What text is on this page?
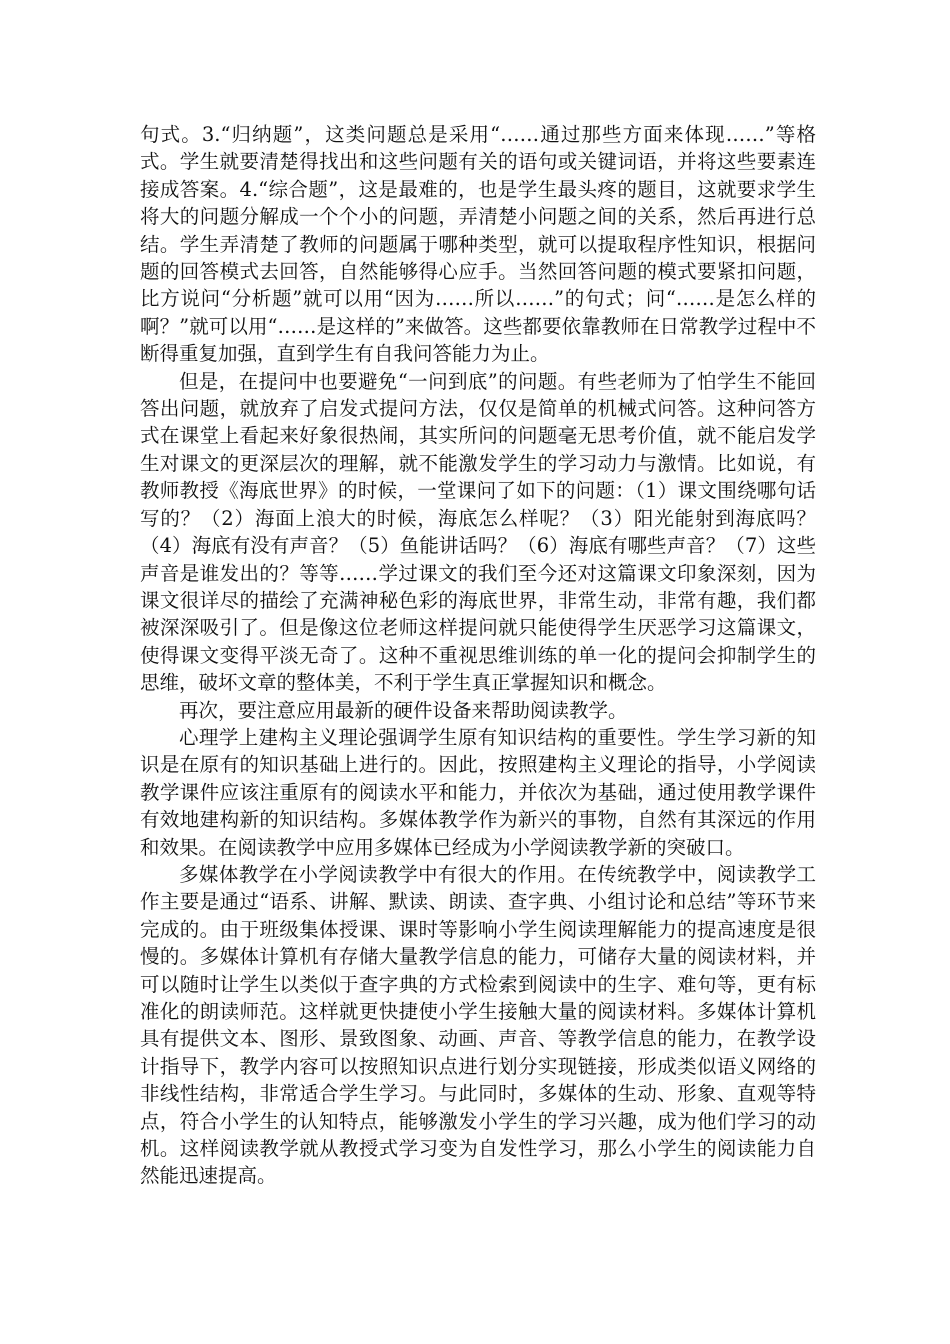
句式。3.“归纳题”，这类问题总是采用“……通过那些方面来体现……”等格式。学生就要清楚得找出和这些问题有关的语句或关键词语，并将这些要素连接成答案。4.“综合题”，这是最难的，也是学生最头疼的题目，这就要求学生将大的问题分解成一个个小的问题，弄清楚小问题之间的关系，然后再进行总结。学生弄清楚了教师的问题属于哪种类型，就可以提取程序性知识，根据问题的回答模式去回答，自然能够得心应手。当然回答问题的模式要紧扣问题，比方说问“分析题”就可以用“因为……所以……”的句式；问“……是怎么样的啊？”就可以用“……是这样的”来做答。这些都要依靠教师在日常教学过程中不断得重复加强，直到学生有自我问答能力为止。

但是，在提问中也要避免“一问到底”的问题。有些老师为了怕学生不能回答出问题，就放弃了启发式提问方法，仅仅是简单的机械式问答。这种问答方式在课堂上看起来好象很热闹，其实所问的问题毫无思考价值，就不能启发学生对课文的更深层次的理解，就不能激发学生的学习动力与激情。比如说，有教师教授《海底世界》的时候，一堂课问了如下的问题：（1）课文围绕哪句话写的？（2）海面上浪大的时候，海底怎么样呢？（3）阳光能射到海底吗？（4）海底有没有声音？（5）鱼能讲话吗？（6）海底有哪些声音？（7）这些声音是谁发出的？等等……学过课文的我们至今还对这篇课文印象深刻，因为课文很详尽的描绘了充满神秘色彩的海底世界，非常生动，非常有趣，我们都被深深吸引了。但是像这位老师这样提问就只能使得学生厌恶学习这篇课文，使得课文变得平淡无奇了。这种不重视思维训练的单一化的提问会抑制学生的思维，破坏文章的整体美，不利于学生真正掌握知识和概念。

再次，要注意应用最新的硬件设备来帮助阅读教学。

心理学上建构主义理论强调学生原有知识结构的重要性。学生学习新的知识是在原有的知识基础上进行的。因此，按照建构主义理论的指导，小学阅读教学课件应该注重原有的阅读水平和能力，并依次为基础，通过使用教学课件有效地建构新的知识结构。多媒体教学作为新兴的事物，自然有其深远的作用和效果。在阅读教学中应用多媒体已经成为小学阅读教学新的突破口。

多媒体教学在小学阅读教学中有很大的作用。在传统教学中，阅读教学工作主要是通过“语系、讲解、默读、朗读、查字典、小组讨论和总结”等环节来完成的。由于班级集体授课、课时等影响小学生阅读理解能力的提高速度是很慢的。多媒体计算机有存储大量教学信息的能力，可储存大量的阅读材料，并可以随时让学生以类似于查字典的方式检索到阅读中的生字、难句等，更有标准化的朗读师范。这样就更快捷使小学生接触大量的阅读材料。多媒体计算机具有提供文本、图形、景致图象、动画、声音、等教学信息的能力，在教学设计指导下，教学内容可以按照知识点进行划分实现链接，形成类似语义网络的非线性结构，非常适合学生学习。与此同时，多媒体的生动、形象、直观等特点，符合小学生的认知特点，能够激发小学生的学习兴趣，成为他们学习的动机。这样阅读教学就从教授式学习变为自发性学习，那么小学生的阅读能力自然能迅速提高。
